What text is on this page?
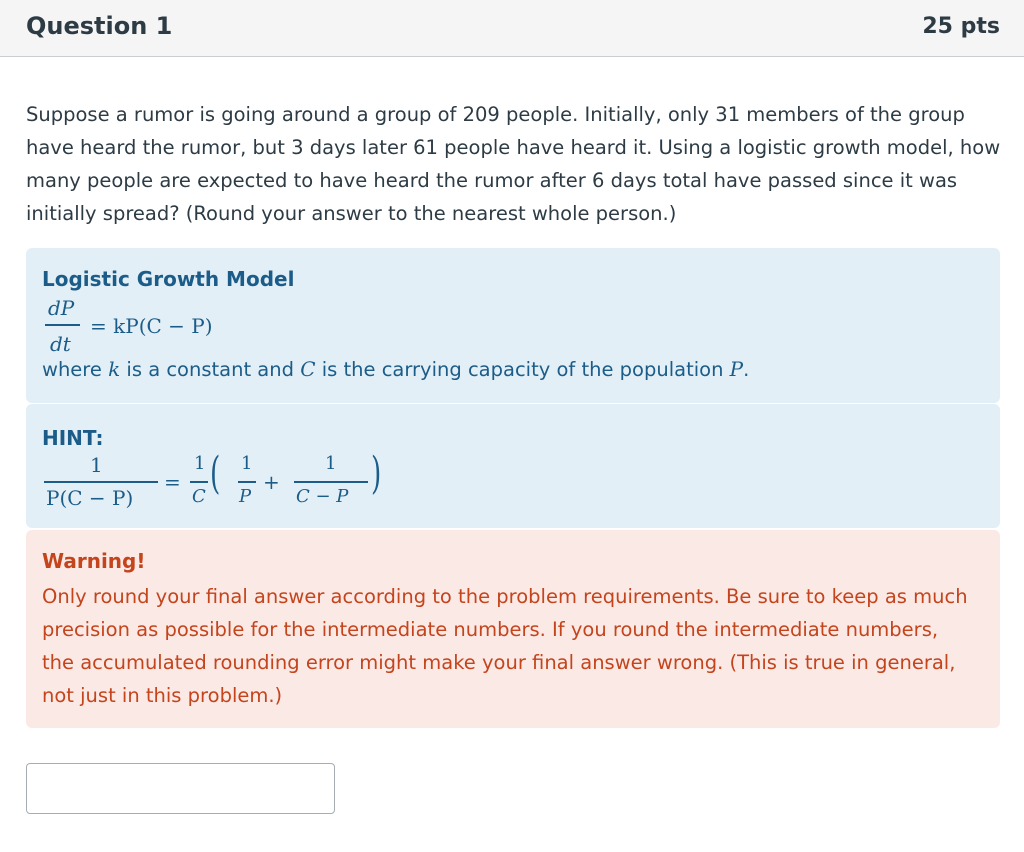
Question 1	25 pts
Suppose a rumor is going around a group of 209 people. Initially, only 31 members of the group have heard the rumor, but 3 days later 61 people have heard it. Using a logistic growth model, how many people are expected to have heard the rumor after 6 days total have passed since it was initially spread? (Round your answer to the nearest whole person.)
Logistic Growth Model
dP
dt
= kP(C − P)
where k is a constant and C is the carrying capacity of the population P.
HINT:
1
P(C − P)
=
1
C ( 1
P
+
1
C − P )
Warning!
Only round your final answer according to the problem requirements. Be sure to keep as much precision as possible for the intermediate numbers. If you round the intermediate numbers, the accumulated rounding error might make your final answer wrong. (This is true in general, not just in this problem.)
